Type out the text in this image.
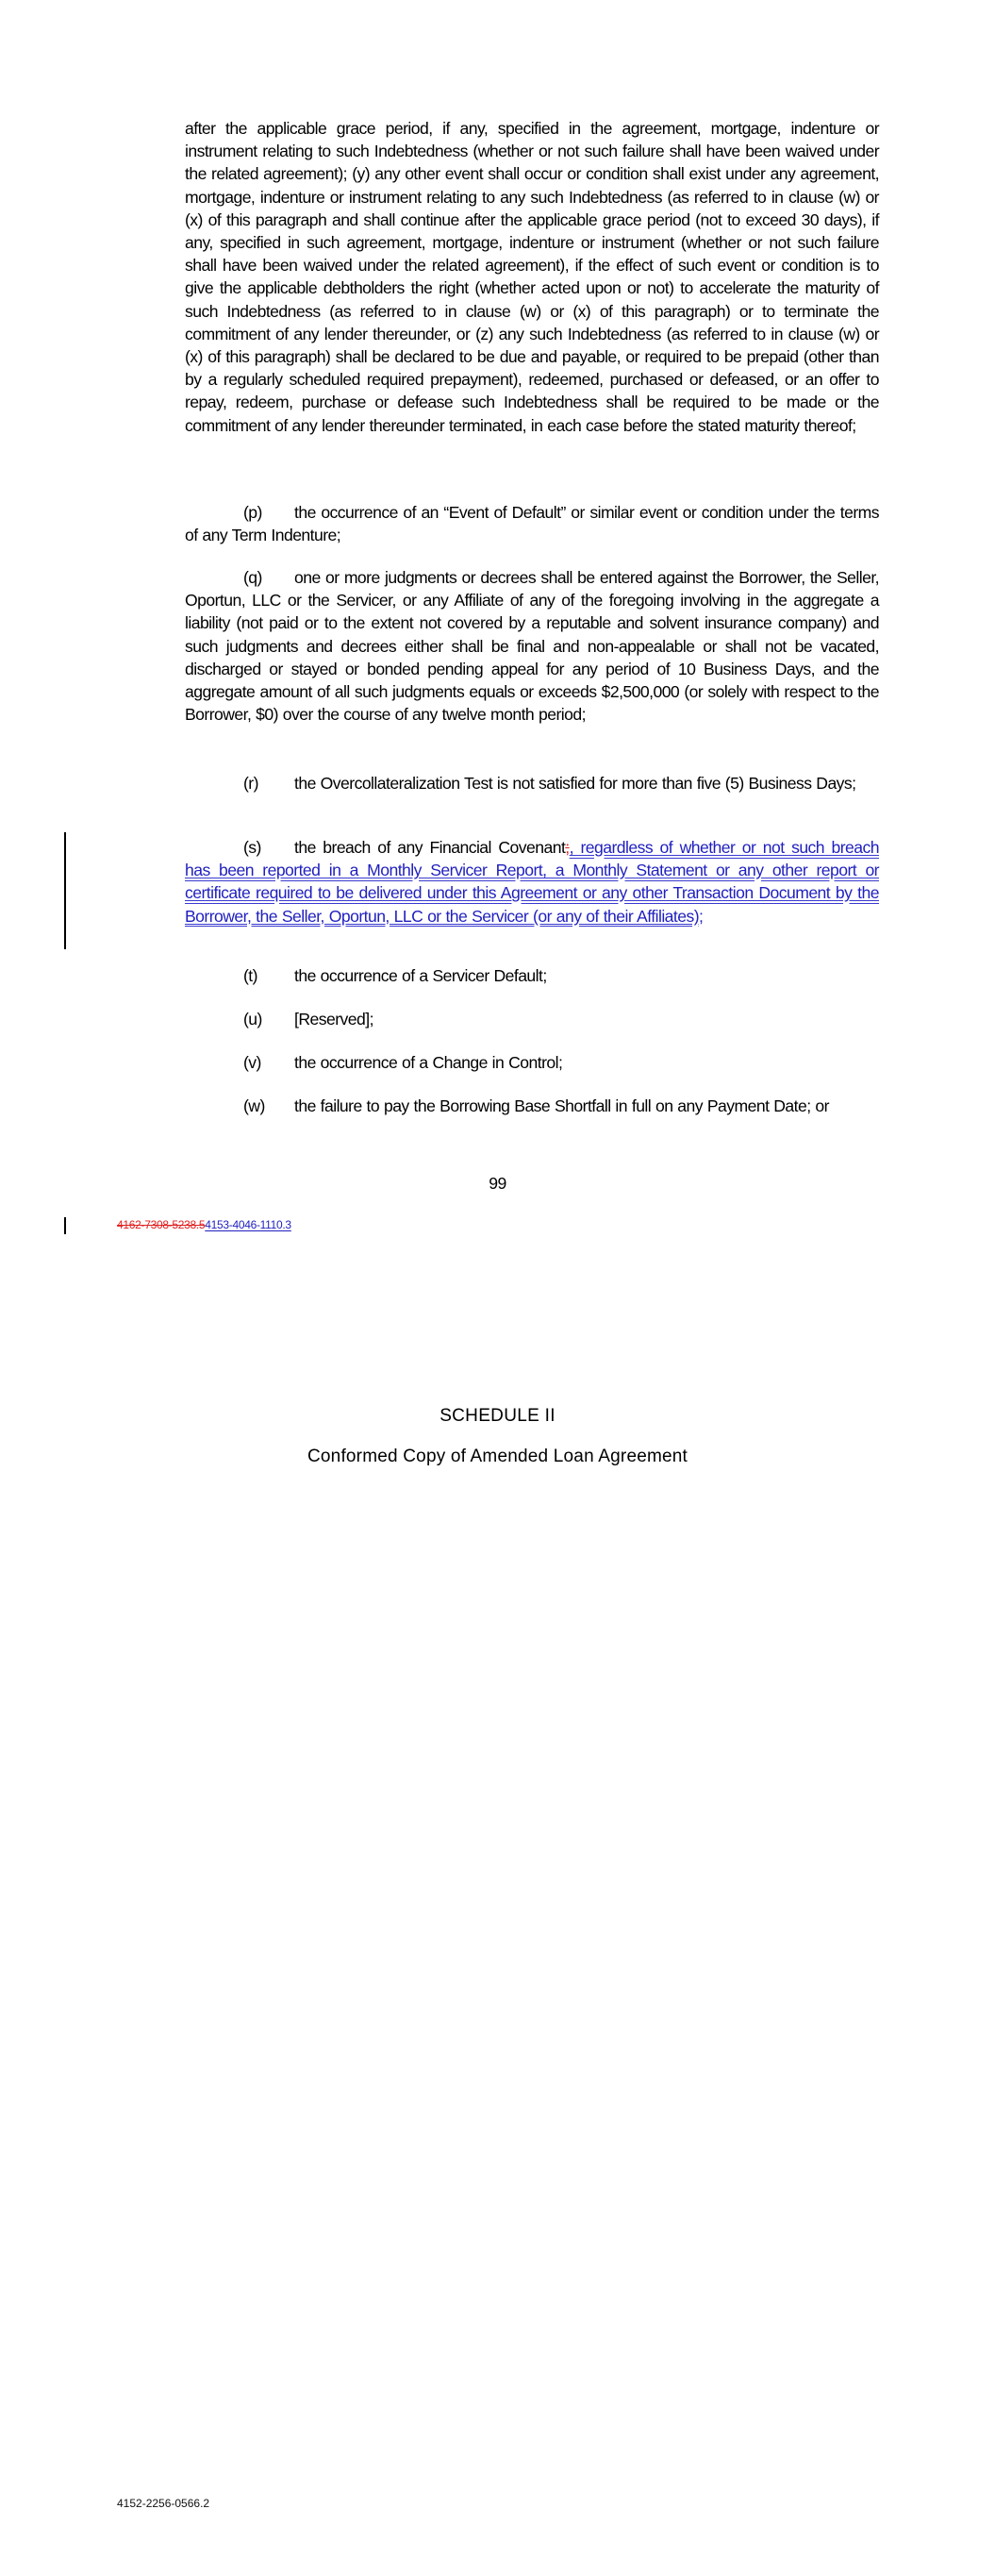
after the applicable grace period, if any, specified in the agreement, mortgage, indenture or instrument relating to such Indebtedness (whether or not such failure shall have been waived under the related agreement); (y) any other event shall occur or condition shall exist under any agreement, mortgage, indenture or instrument relating to any such Indebtedness (as referred to in clause (w) or (x) of this paragraph and shall continue after the applicable grace period (not to exceed 30 days), if any, specified in such agreement, mortgage, indenture or instrument (whether or not such failure shall have been waived under the related agreement), if the effect of such event or condition is to give the applicable debtholders the right (whether acted upon or not) to accelerate the maturity of such Indebtedness (as referred to in clause (w) or (x) of this paragraph) or to terminate the commitment of any lender thereunder, or (z) any such Indebtedness (as referred to in clause (w) or (x) of this paragraph) shall be declared to be due and payable, or required to be prepaid (other than by a regularly scheduled required prepayment), redeemed, purchased or defeased, or an offer to repay, redeem, purchase or defease such Indebtedness shall be required to be made or the commitment of any lender thereunder terminated, in each case before the stated maturity thereof;

(p) the occurrence of an “Event of Default” or similar event or condition under the terms of any Term Indenture;

(q) one or more judgments or decrees shall be entered against the Borrower, the Seller, Oportun, LLC or the Servicer, or any Affiliate of any of the foregoing involving in the aggregate a liability (not paid or to the extent not covered by a reputable and solvent insurance company) and such judgments and decrees either shall be final and non-appealable or shall not be vacated, discharged or stayed or bonded pending appeal for any period of 10 Business Days, and the aggregate amount of all such judgments equals or exceeds $2,500,000 (or solely with respect to the Borrower, $0) over the course of any twelve month period;

(r) the Overcollateralization Test is not satisfied for more than five (5) Business Days;

(s) the breach of any Financial Covenant;, regardless of whether or not such breach has been reported in a Monthly Servicer Report, a Monthly Statement or any other report or certificate required to be delivered under this Agreement or any other Transaction Document by the Borrower, the Seller, Oportun, LLC or the Servicer (or any of their Affiliates);

(t) the occurrence of a Servicer Default;

(u) [Reserved];

(v) the occurrence of a Change in Control;

(w) the failure to pay the Borrowing Base Shortfall in full on any Payment Date; or

99
4162-7308-5238.54153-4046-1110.3
SCHEDULE II
Conformed Copy of Amended Loan Agreement
4152-2256-0566.2
